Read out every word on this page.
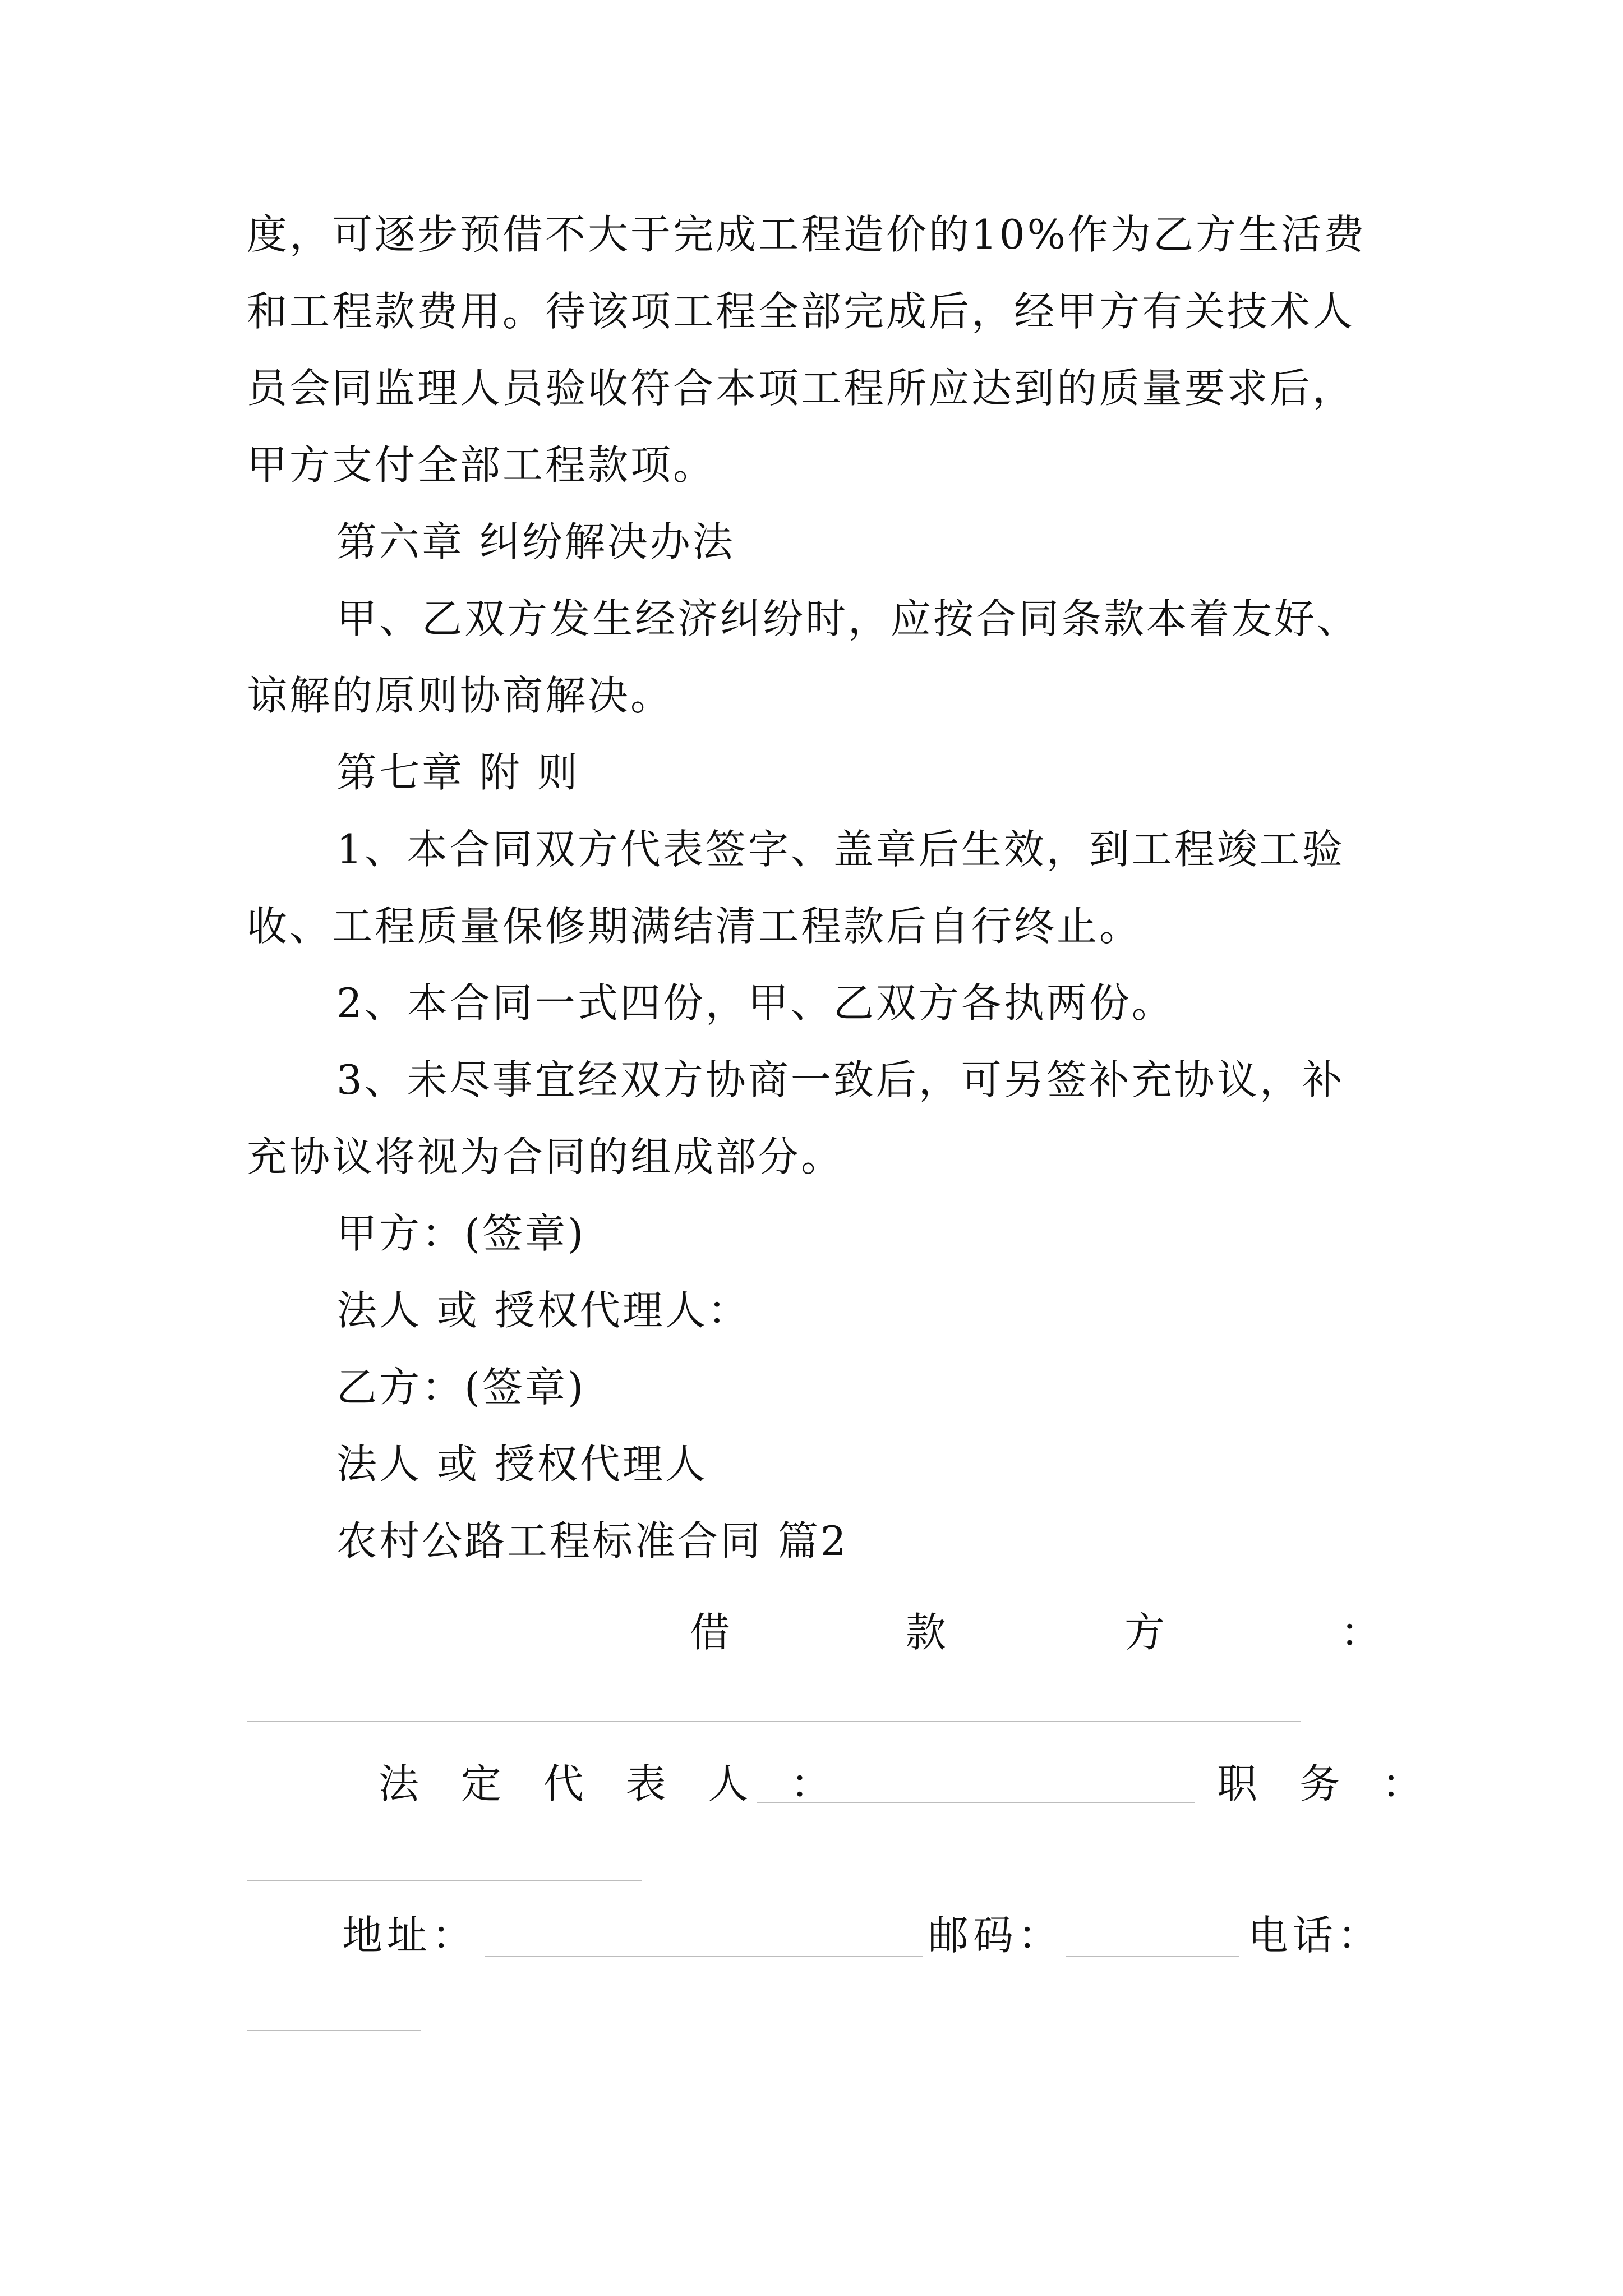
度，可逐步预借不大于完成工程造价的10%作为乙方生活费
和工程款费用。待该项工程全部完成后，经甲方有关技术人
员会同监理人员验收符合本项工程所应达到的质量要求后，
甲方支付全部工程款项。
第六章 纠纷解决办法
甲、乙双方发生经济纠纷时，应按合同条款本着友好、
谅解的原则协商解决。
第七章 附 则
1、本合同双方代表签字、盖章后生效，到工程竣工验
收、工程质量保修期满结清工程款后自行终止。
2、本合同一式四份，甲、乙双方各执两份。
3、未尽事宜经双方协商一致后，可另签补充协议，补
充协议将视为合同的组成部分。
甲方：(签章)
法人 或 授权代理人：
乙方：(签章)
法人 或 授权代理人
农村公路工程标准合同 篇2
借	款	方	：
法 定 代 表 人 ：	职 务 ：
地址：	邮码：	电话：
